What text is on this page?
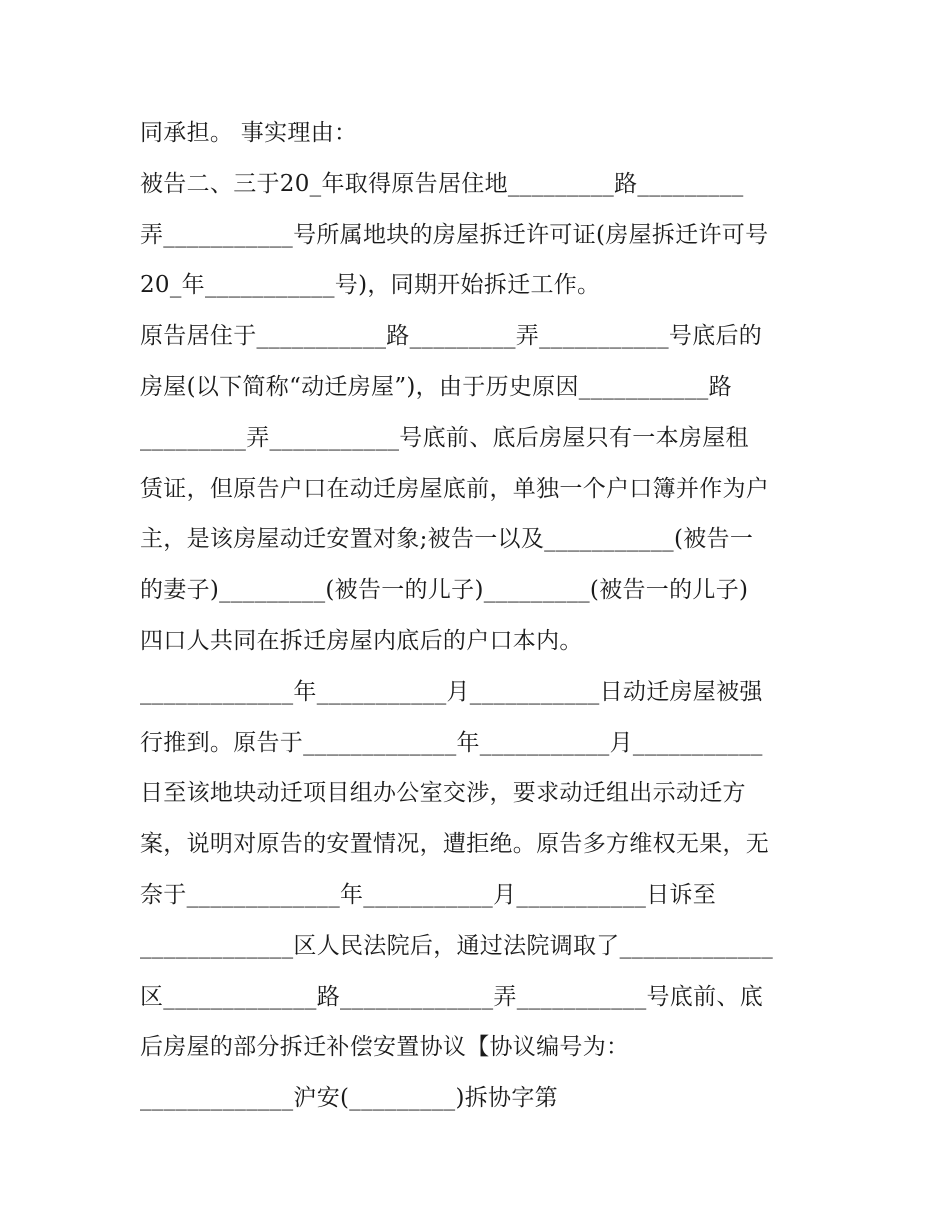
同承担。 事实理由：
被告二、三于20_年取得原告居住地_________路_________
弄___________号所属地块的房屋拆迁许可证(房屋拆迁许可号
20_年___________号)，同期开始拆迁工作。
原告居住于___________路_________弄___________号底后的
房屋(以下简称“动迁房屋”)，由于历史原因___________路
_________弄___________号底前、底后房屋只有一本房屋租
赁证，但原告户口在动迁房屋底前，单独一个户口簿并作为户
主，是该房屋动迁安置对象;被告一以及___________(被告一
的妻子)_________(被告一的儿子)_________(被告一的儿子)
四口人共同在拆迁房屋内底后的户口本内。
_____________年___________月___________日动迁房屋被强
行推到。原告于_____________年___________月___________
日至该地块动迁项目组办公室交涉，要求动迁组出示动迁方
案，说明对原告的安置情况，遭拒绝。原告多方维权无果，无
奈于_____________年___________月___________日诉至
_____________区人民法院后，通过法院调取了_____________
区_____________路_____________弄___________号底前、底
后房屋的部分拆迁补偿安置协议【协议编号为：
_____________沪安(_________)拆协字第
